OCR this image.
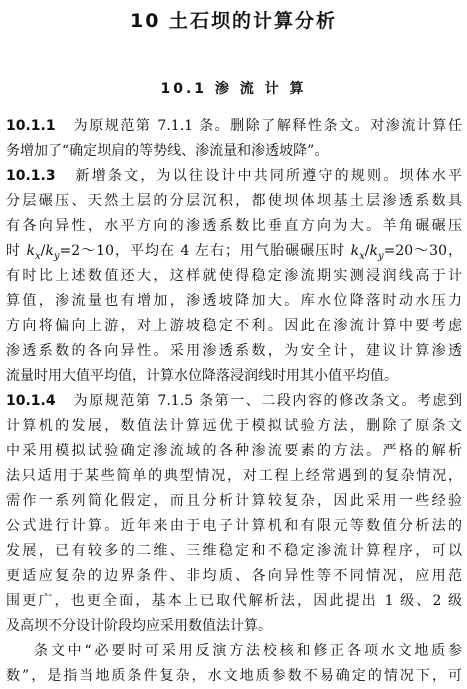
10 土石坝的计算分析
10.1 渗 流 计 算
10.1.1 为原规范第 7.1.1 条。删除了解释性条文。对渗流计算任
务增加了“确定坝肩的等势线、渗流量和渗透坡降”。
10.1.3 新增条文，为以往设计中共同所遵守的规则。坝体水平
分层碾压、天然土层的分层沉积，都使坝体坝基土层渗透系数具
有各向异性，水平方向的渗透系数比垂直方向为大。羊角碾碾压
时 $k_x/k_y=2\sim 10$，平均在 4 左右；用气胎碾碾压时 $k_x/k_y=20\sim 30$，
有时比上述数值还大，这样就使得稳定渗流期实测浸润线高于计
算值，渗流量也有增加，渗透坡降加大。库水位降落时动水压力
方向将偏向上游，对上游坡稳定不利。因此在渗流计算中要考虑
渗透系数的各向异性。采用渗透系数，为安全计，建议计算渗透
流量时用大值平均值，计算水位降落浸润线时用其小值平均值。
10.1.4 为原规范第 7.1.5 条第一、二段内容的修改条文。考虑到
计算机的发展，数值法计算远优于模拟试验方法，删除了原条文
中采用模拟试验确定渗流域的各种渗流要素的方法。严格的解析
法只适用于某些简单的典型情况，对工程上经常遇到的复杂情况，
需作一系列简化假定，而且分析计算较复杂，因此采用一些经验
公式进行计算。近年来由于电子计算机和有限元等数值分析法的
发展，已有较多的二维、三维稳定和不稳定渗流计算程序，可以
更适应复杂的边界条件、非均质、各向异性等不同情况，应用范
围更广，也更全面，基本上已取代解析法，因此提出 1 级、2 级
及高坝不分设计阶段均应采用数值法计算。
条文中“必要时可采用反演方法校核和修正各项水文地质参
数”，是指当地质条件复杂，水文地质参数不易确定的情况下，可
